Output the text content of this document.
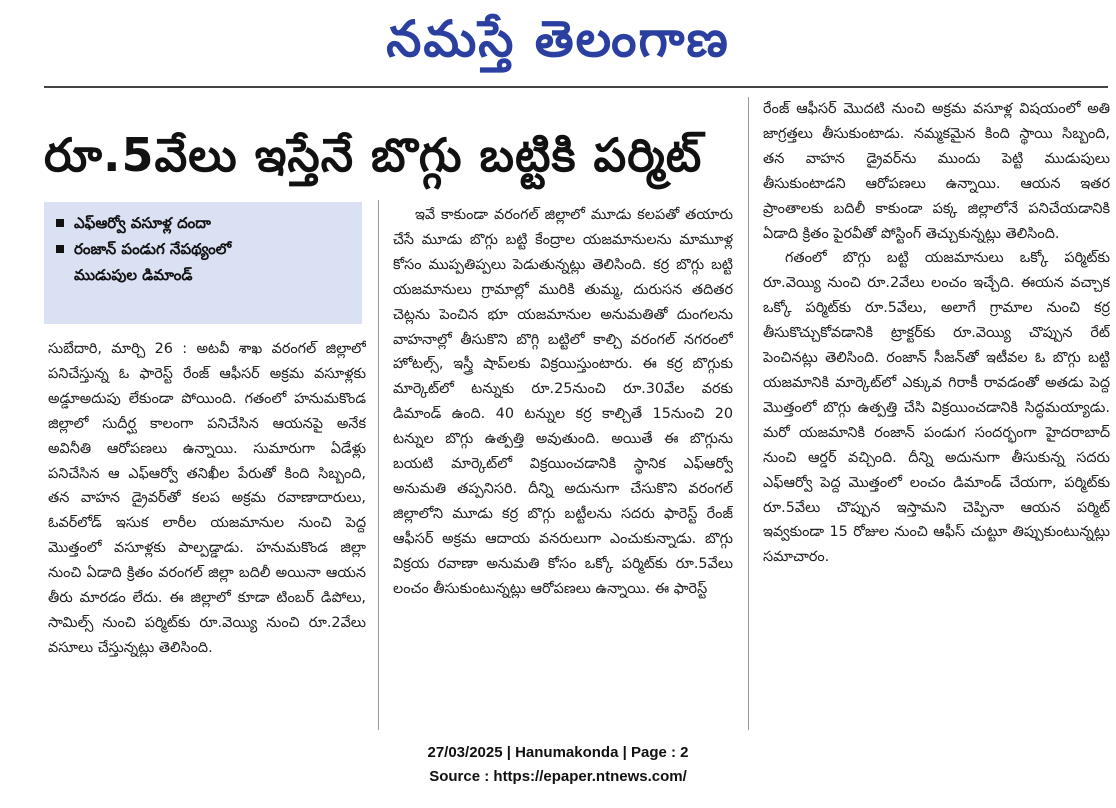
నమస్తే తెలంగాణ
రూ.5వేలు ఇస్తేనే బొగ్గు బట్టికి పర్మిట్
ఎఫ్‌ఆర్వో వసూళ్ల దందా
రంజాన్ పండుగ నేపథ్యంలో
ముడుపుల డిమాండ్

సుబేదారి, మార్చి 26 : అటవీ శాఖ వరంగల్ జిల్లాలో పనిచేస్తున్న ఓ ఫారెస్ట్ రేంజ్ ఆఫీసర్ అక్రమ వసూళ్లకు అడ్డూఅదుపు లేకుండా పోయింది. గతంలో హనుమకొండ జిల్లాలో సుదీర్ఘ కాలంగా పనిచేసిన ఆయనపై అనేక అవినీతి ఆరోపణలు ఉన్నాయి. సుమారుగా ఏడేళ్లు పనిచేసిన ఆ ఎఫ్‌ఆర్వో తనిఖీల పేరుతో కింది సిబ్బంది, తన వాహన డ్రైవర్‌తో కలప అక్రమ రవాణాదారులు, ఓవర్‌లోడ్ ఇసుక లారీల యజమానుల నుంచి పెద్ద మొత్తంలో వసూళ్లకు పాల్పడ్డాడు. హనుమకొండ జిల్లా నుంచి ఏడాది క్రితం వరంగల్ జిల్లా బదిలీ అయినా ఆయన తీరు మారడం లేదు. ఈ జిల్లాలో కూడా టింబర్ డిపోలు, సామిల్స్ నుంచి పర్మిట్‌కు రూ.వెయ్యి నుంచి రూ.2వేలు వసూలు చేస్తున్నట్లు తెలిసింది.

ఇవే కాకుండా వరంగల్ జిల్లాలో మూడు కలపతో తయారు చేసే మూడు బొగ్గు బట్టి కేంద్రాల యజమానులను మామూళ్ల కోసం ముప్పతిప్పలు పెడుతున్నట్లు తెలిసింది. కర్ర బొగ్గు బట్టి యజమానులు గ్రామాల్లో మురికి తుమ్మ, దురుసన తదితర చెట్లను పెంచిన భూ యజమానుల అనుమతితో దుంగలను వాహనాల్లో తీసుకొని బొగ్గి బట్టిలో కాల్చి వరంగల్ నగరంలో హోటల్స్, ఇస్త్రీ షాప్‌లకు విక్రయిస్తుంటారు. ఈ కర్ర బొగ్గుకు మార్కెట్‌లో టన్నుకు రూ.25నుంచి రూ.30వేల వరకు డిమాండ్ ఉంది. 40 టన్నుల కర్ర కాల్చితే 15నుంచి 20 టన్నుల బొగ్గు ఉత్పత్తి అవుతుంది. అయితే ఈ బొగ్గును బయటి మార్కెట్‌లో విక్రయించడానికి స్థానిక ఎఫ్‌ఆర్వో అనుమతి తప్పనిసరి. దీన్ని అదునుగా చేసుకొని వరంగల్ జిల్లాలోని మూడు కర్ర బొగ్గు బట్టీలను సదరు ఫారెస్ట్ రేంజ్ ఆఫీసర్ అక్రమ ఆదాయ వనరులుగా ఎంచుకున్నాడు. బొగ్గు విక్రయ రవాణా అనుమతి కోసం ఒక్కో పర్మిట్‌కు రూ.5వేలు లంచం తీసుకుంటున్నట్లు ఆరోపణలు ఉన్నాయి. ఈ ఫారెస్ట్

రేంజ్ ఆఫీసర్ మొదటి నుంచి అక్రమ వసూళ్ల విషయంలో అతి జాగ్రత్తలు తీసుకుంటాడు. నమ్మకమైన కింది స్థాయి సిబ్బంది, తన వాహన డ్రైవర్‌ను ముందు పెట్టి ముడుపులు తీసుకుంటాడని ఆరోపణలు ఉన్నాయి. ఆయన ఇతర ప్రాంతాలకు బదిలీ కాకుండా పక్క జిల్లాలోనే పనిచేయడానికి ఏడాది క్రితం పైరవీతో పోస్టింగ్ తెచ్చుకున్నట్లు తెలిసింది.

గతంలో బొగ్గు బట్టి యజమానులు ఒక్కో పర్మిట్‌కు రూ.వెయ్యి నుంచి రూ.2వేలు లంచం ఇచ్చేది. ఈయన వచ్చాక ఒక్కో పర్మిట్‌కు రూ.5వేలు, అలాగే గ్రామాల నుంచి కర్ర తీసుకొచ్చుకోవడానికి ట్రాక్టర్‌కు రూ.వెయ్యి చొప్పున రేట్ పెంచినట్లు తెలిసింది. రంజాన్ సీజన్‌తో ఇటీవల ఓ బొగ్గు బట్టి యజమానికి మార్కెట్‌లో ఎక్కువ గిరాకీ రావడంతో అతడు పెద్ద మొత్తంలో బొగ్గు ఉత్పత్తి చేసి విక్రయించడానికి సిద్ధమయ్యాడు. మరో యజమానికి రంజాన్ పండుగ సందర్భంగా హైదరాబాద్ నుంచి ఆర్డర్ వచ్చింది. దీన్ని అదునుగా తీసుకున్న సదరు ఎఫ్‌ఆర్వో పెద్ద మొత్తంలో లంచం డిమాండ్ చేయగా, పర్మిట్‌కు రూ.5వేలు చొప్పున ఇస్తామని చెప్పినా ఆయన పర్మిట్ ఇవ్వకుండా 15 రోజుల నుంచి ఆఫీస్ చుట్టూ తిప్పుకుంటున్నట్లు సమాచారం.

27/03/2025 | Hanumakonda | Page : 2
Source : https://epaper.ntnews.com/
